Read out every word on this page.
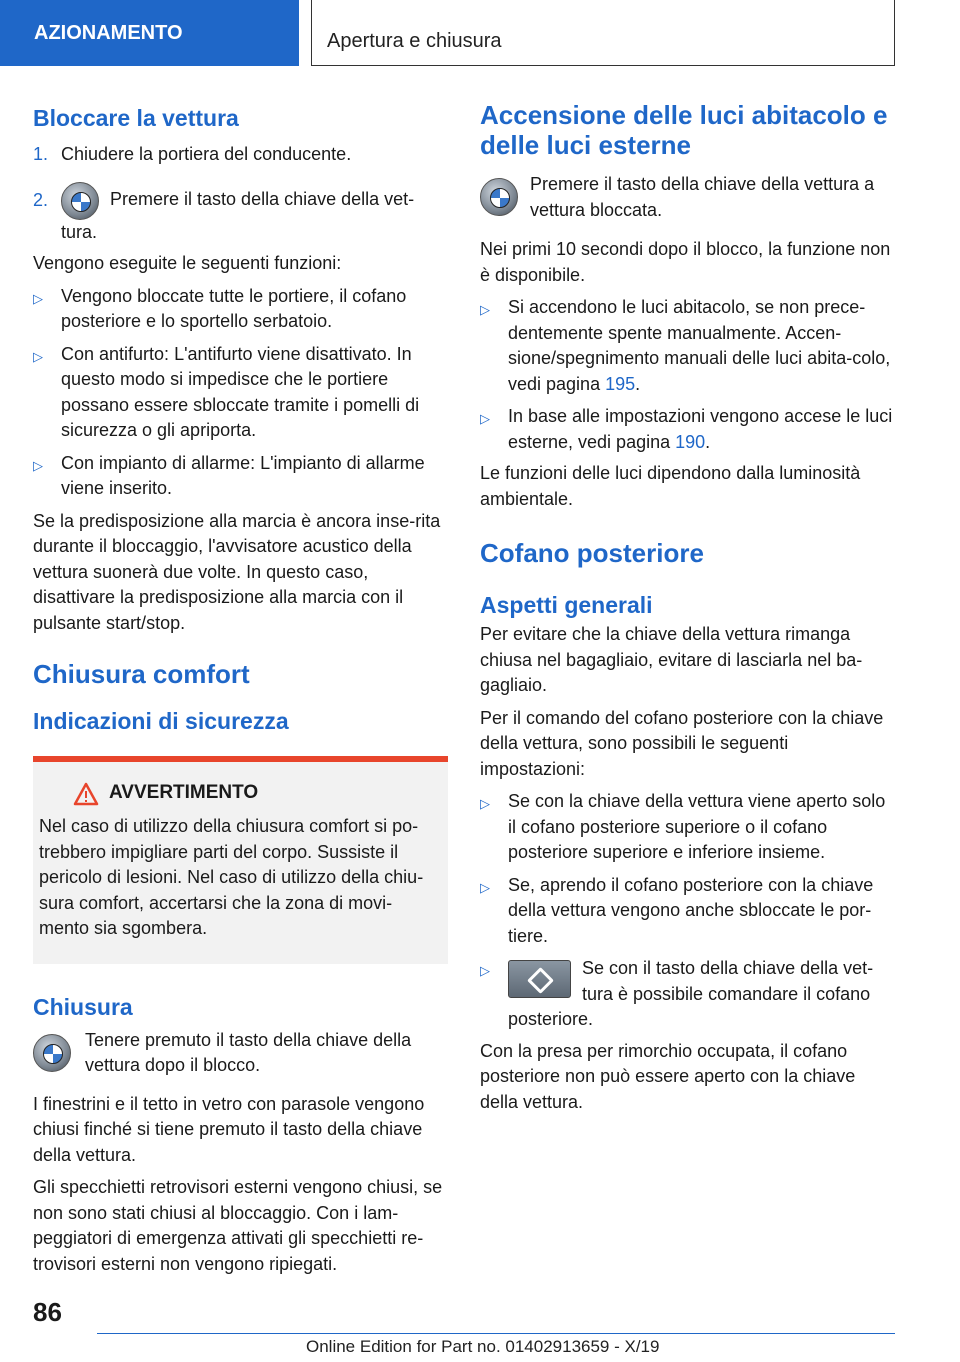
AZIONAMENTO	Apertura e chiusura
Bloccare la vettura
1. Chiudere la portiera del conducente.
2.	Premere il tasto della chiave della vet‐
tura.

Vengono eseguite le seguenti funzioni:

▷	Vengono bloccate tutte le portiere, il cofano posteriore e lo sportello serbatoio.
▷	Con antifurto: L'antifurto viene disattivato. In questo modo si impedisce che le portiere possano essere sbloccate tramite i pomelli di sicurezza o gli apriporta.
▷	Con impianto di allarme: L'impianto di allarme viene inserito.

Se la predisposizione alla marcia è ancora inse‐rita durante il bloccaggio, l'avvisatore acustico della vettura suonerà due volte. In questo caso, disattivare la predisposizione alla marcia con il pulsante start/stop.

Chiusura comfort
Indicazioni di sicurezza
AVVERTIMENTO

Nel caso di utilizzo della chiusura comfort si po‐trebbero impigliare parti del corpo. Sussiste il pericolo di lesioni. Nel caso di utilizzo della chiu‐sura comfort, accertarsi che la zona di movi‐mento sia sgombera.

Chiusura

Tenere premuto il tasto della chiave della vettura dopo il blocco.

I finestrini e il tetto in vetro con parasole vengono chiusi finché si tiene premuto il tasto della chiave della vettura.

Gli specchietti retrovisori esterni vengono chiusi, se non sono stati chiusi al bloccaggio. Con i lam‐peggiatori di emergenza attivati gli specchietti re‐trovisori esterni non vengono ripiegati.

Accensione delle luci abitacolo e delle luci esterne

Premere il tasto della chiave della vettura a vettura bloccata.

Nei primi 10 secondi dopo il blocco, la funzione non è disponibile.

▷	Si accendono le luci abitacolo, se non prece‐dentemente spente manualmente. Accen‐sione/spegnimento manuali delle luci abita‐colo, vedi pagina 195.
▷	In base alle impostazioni vengono accese le luci esterne, vedi pagina 190.

Le funzioni delle luci dipendono dalla luminosità ambientale.

Cofano posteriore
Aspetti generali

Per evitare che la chiave della vettura rimanga chiusa nel bagagliaio, evitare di lasciarla nel ba‐gagliaio.

Per il comando del cofano posteriore con la chiave della vettura, sono possibili le seguenti impostazioni:

▷	Se con la chiave della vettura viene aperto solo il cofano posteriore superiore o il cofano posteriore superiore e inferiore insieme.
▷	Se, aprendo il cofano posteriore con la chiave della vettura vengono anche sbloccate le por‐tiere.
▷	Se con il tasto della chiave della vet‐tura è possibile comandare il cofano
posteriore.

Con la presa per rimorchio occupata, il cofano posteriore non può essere aperto con la chiave della vettura.

86
Online Edition for Part no. 01402913659 - X/19
